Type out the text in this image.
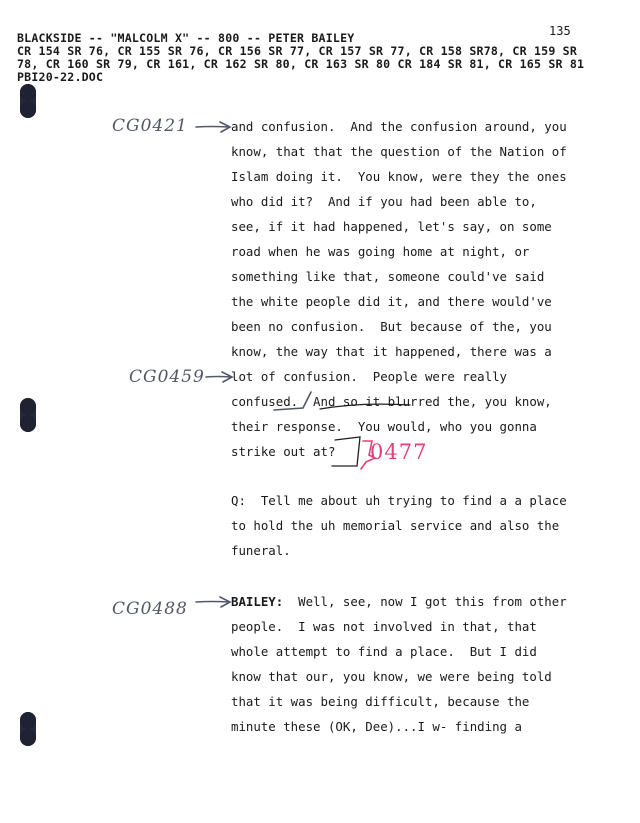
BLACKSIDE -- "MALCOLM X" -- 800 -- PETER BAILEY	135
CR 154 SR 76, CR 155 SR 76, CR 156 SR 77, CR 157 SR 77, CR 158 SR78, CR 159 SR
78, CR 160 SR 79, CR 161, CR 162 SR 80, CR 163 SR 80 CR 184 SR 81, CR 165 SR 81
PBI20-22.DOC
CG0421
CG0459
0477
CG0488
and confusion.  And the confusion around, you
know, that that the question of the Nation of
Islam doing it.  You know, were they the ones
who did it?  And if you had been able to,
see, if it had happened, let's say, on some
road when he was going home at night, or
something like that, someone could've said
the white people did it, and there would've
been no confusion.  But because of the, you
know, the way that it happened, there was a
lot of confusion.  People were really
confused.  And so it blurred the, you know,
their response.  You would, who you gonna
strike out at?
Q:  Tell me about uh trying to find a a place
to hold the uh memorial service and also the
funeral.
BAILEY:  Well, see, now I got this from other
people.  I was not involved in that, that
whole attempt to find a place.  But I did
know that our, you know, we were being told
that it was being difficult, because the
minute these (OK, Dee)...I w- finding a
